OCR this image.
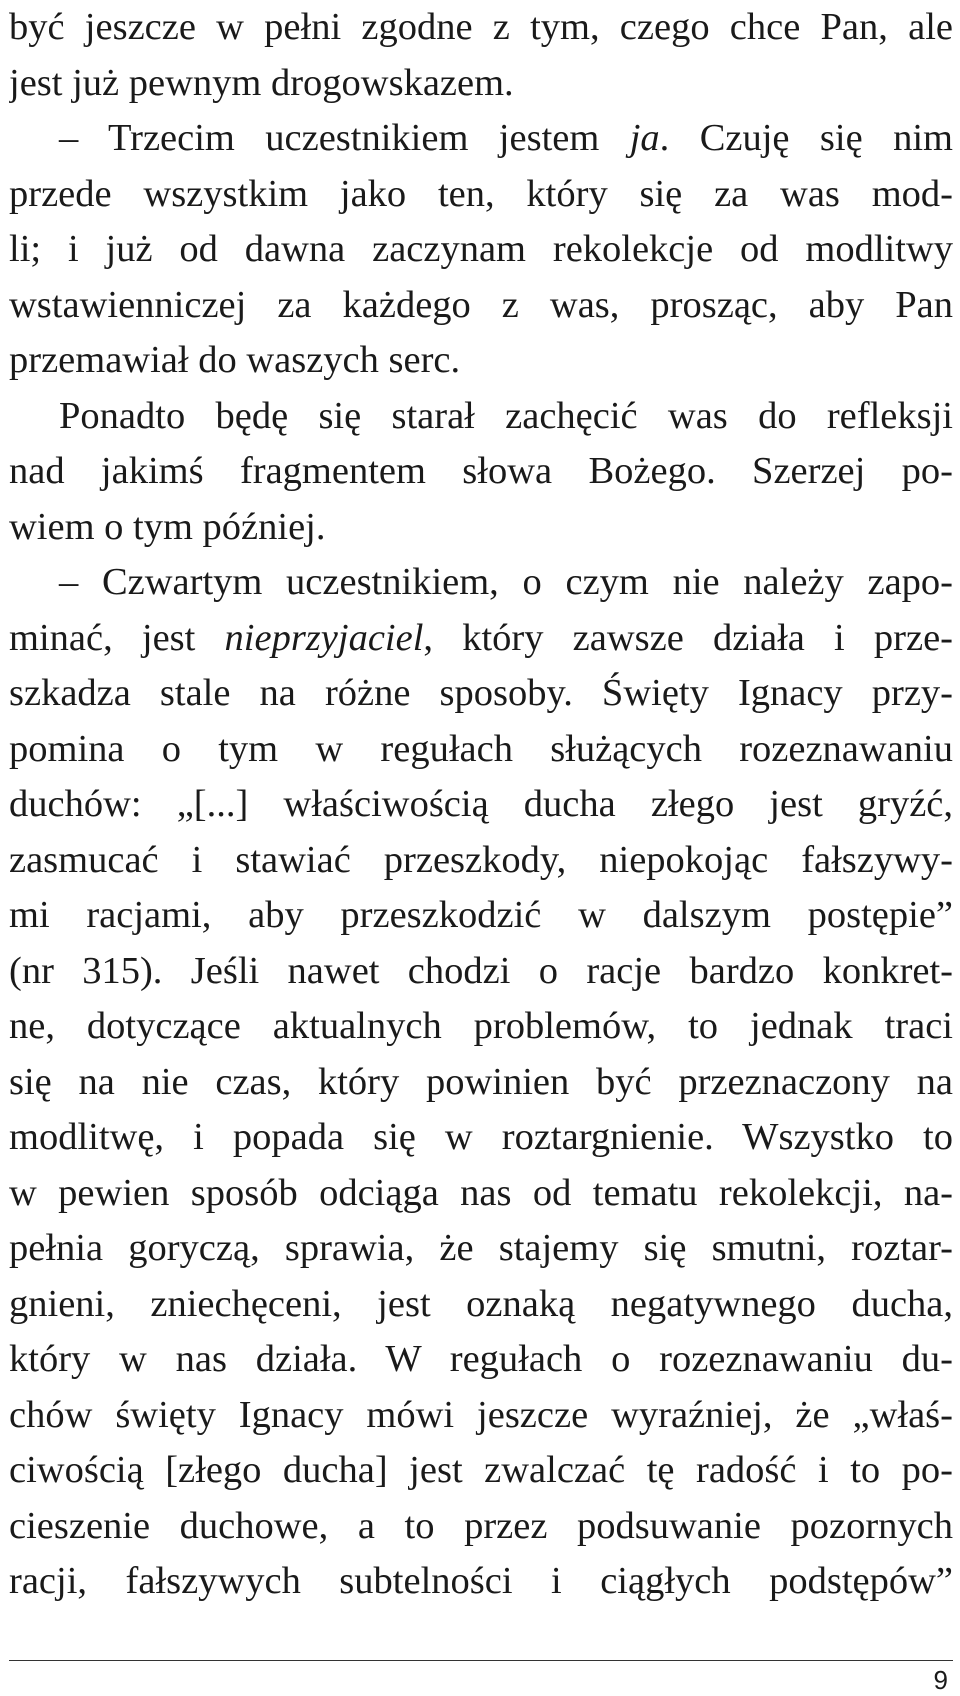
być jeszcze w pełni zgodne z tym, czego chce Pan, ale
jest już pewnym drogowskazem.
– Trzecim uczestnikiem jestem ja. Czuję się nim
przede wszystkim jako ten, który się za was mod-
li; i już od dawna zaczynam rekolekcje od modlitwy
wstawienniczej za każdego z was, prosząc, aby Pan
przemawiał do waszych serc.
Ponadto będę się starał zachęcić was do refleksji
nad jakimś fragmentem słowa Bożego. Szerzej po-
wiem o tym później.
– Czwartym uczestnikiem, o czym nie należy zapo-
minać, jest nieprzyjaciel, który zawsze działa i prze-
szkadza stale na różne sposoby. Święty Ignacy przy-
pomina o tym w regułach służących rozeznawaniu
duchów: „[...] właściwością ducha złego jest gryźć,
zasmucać i stawiać przeszkody, niepokojąc fałszywy-
mi racjami, aby przeszkodzić w dalszym postępie”
(nr 315). Jeśli nawet chodzi o racje bardzo konkret-
ne, dotyczące aktualnych problemów, to jednak traci
się na nie czas, który powinien być przeznaczony na
modlitwę, i popada się w roztargnienie. Wszystko to
w pewien sposób odciąga nas od tematu rekolekcji, na-
pełnia goryczą, sprawia, że stajemy się smutni, roztar-
gnieni, zniechęceni, jest oznaką negatywnego ducha,
który w nas działa. W regułach o rozeznawaniu du-
chów święty Ignacy mówi jeszcze wyraźniej, że „właś-
ciwością [złego ducha] jest zwalczać tę radość i to po-
cieszenie duchowe, a to przez podsuwanie pozornych
racji, fałszywych subtelności i ciągłych podstępów”
9
